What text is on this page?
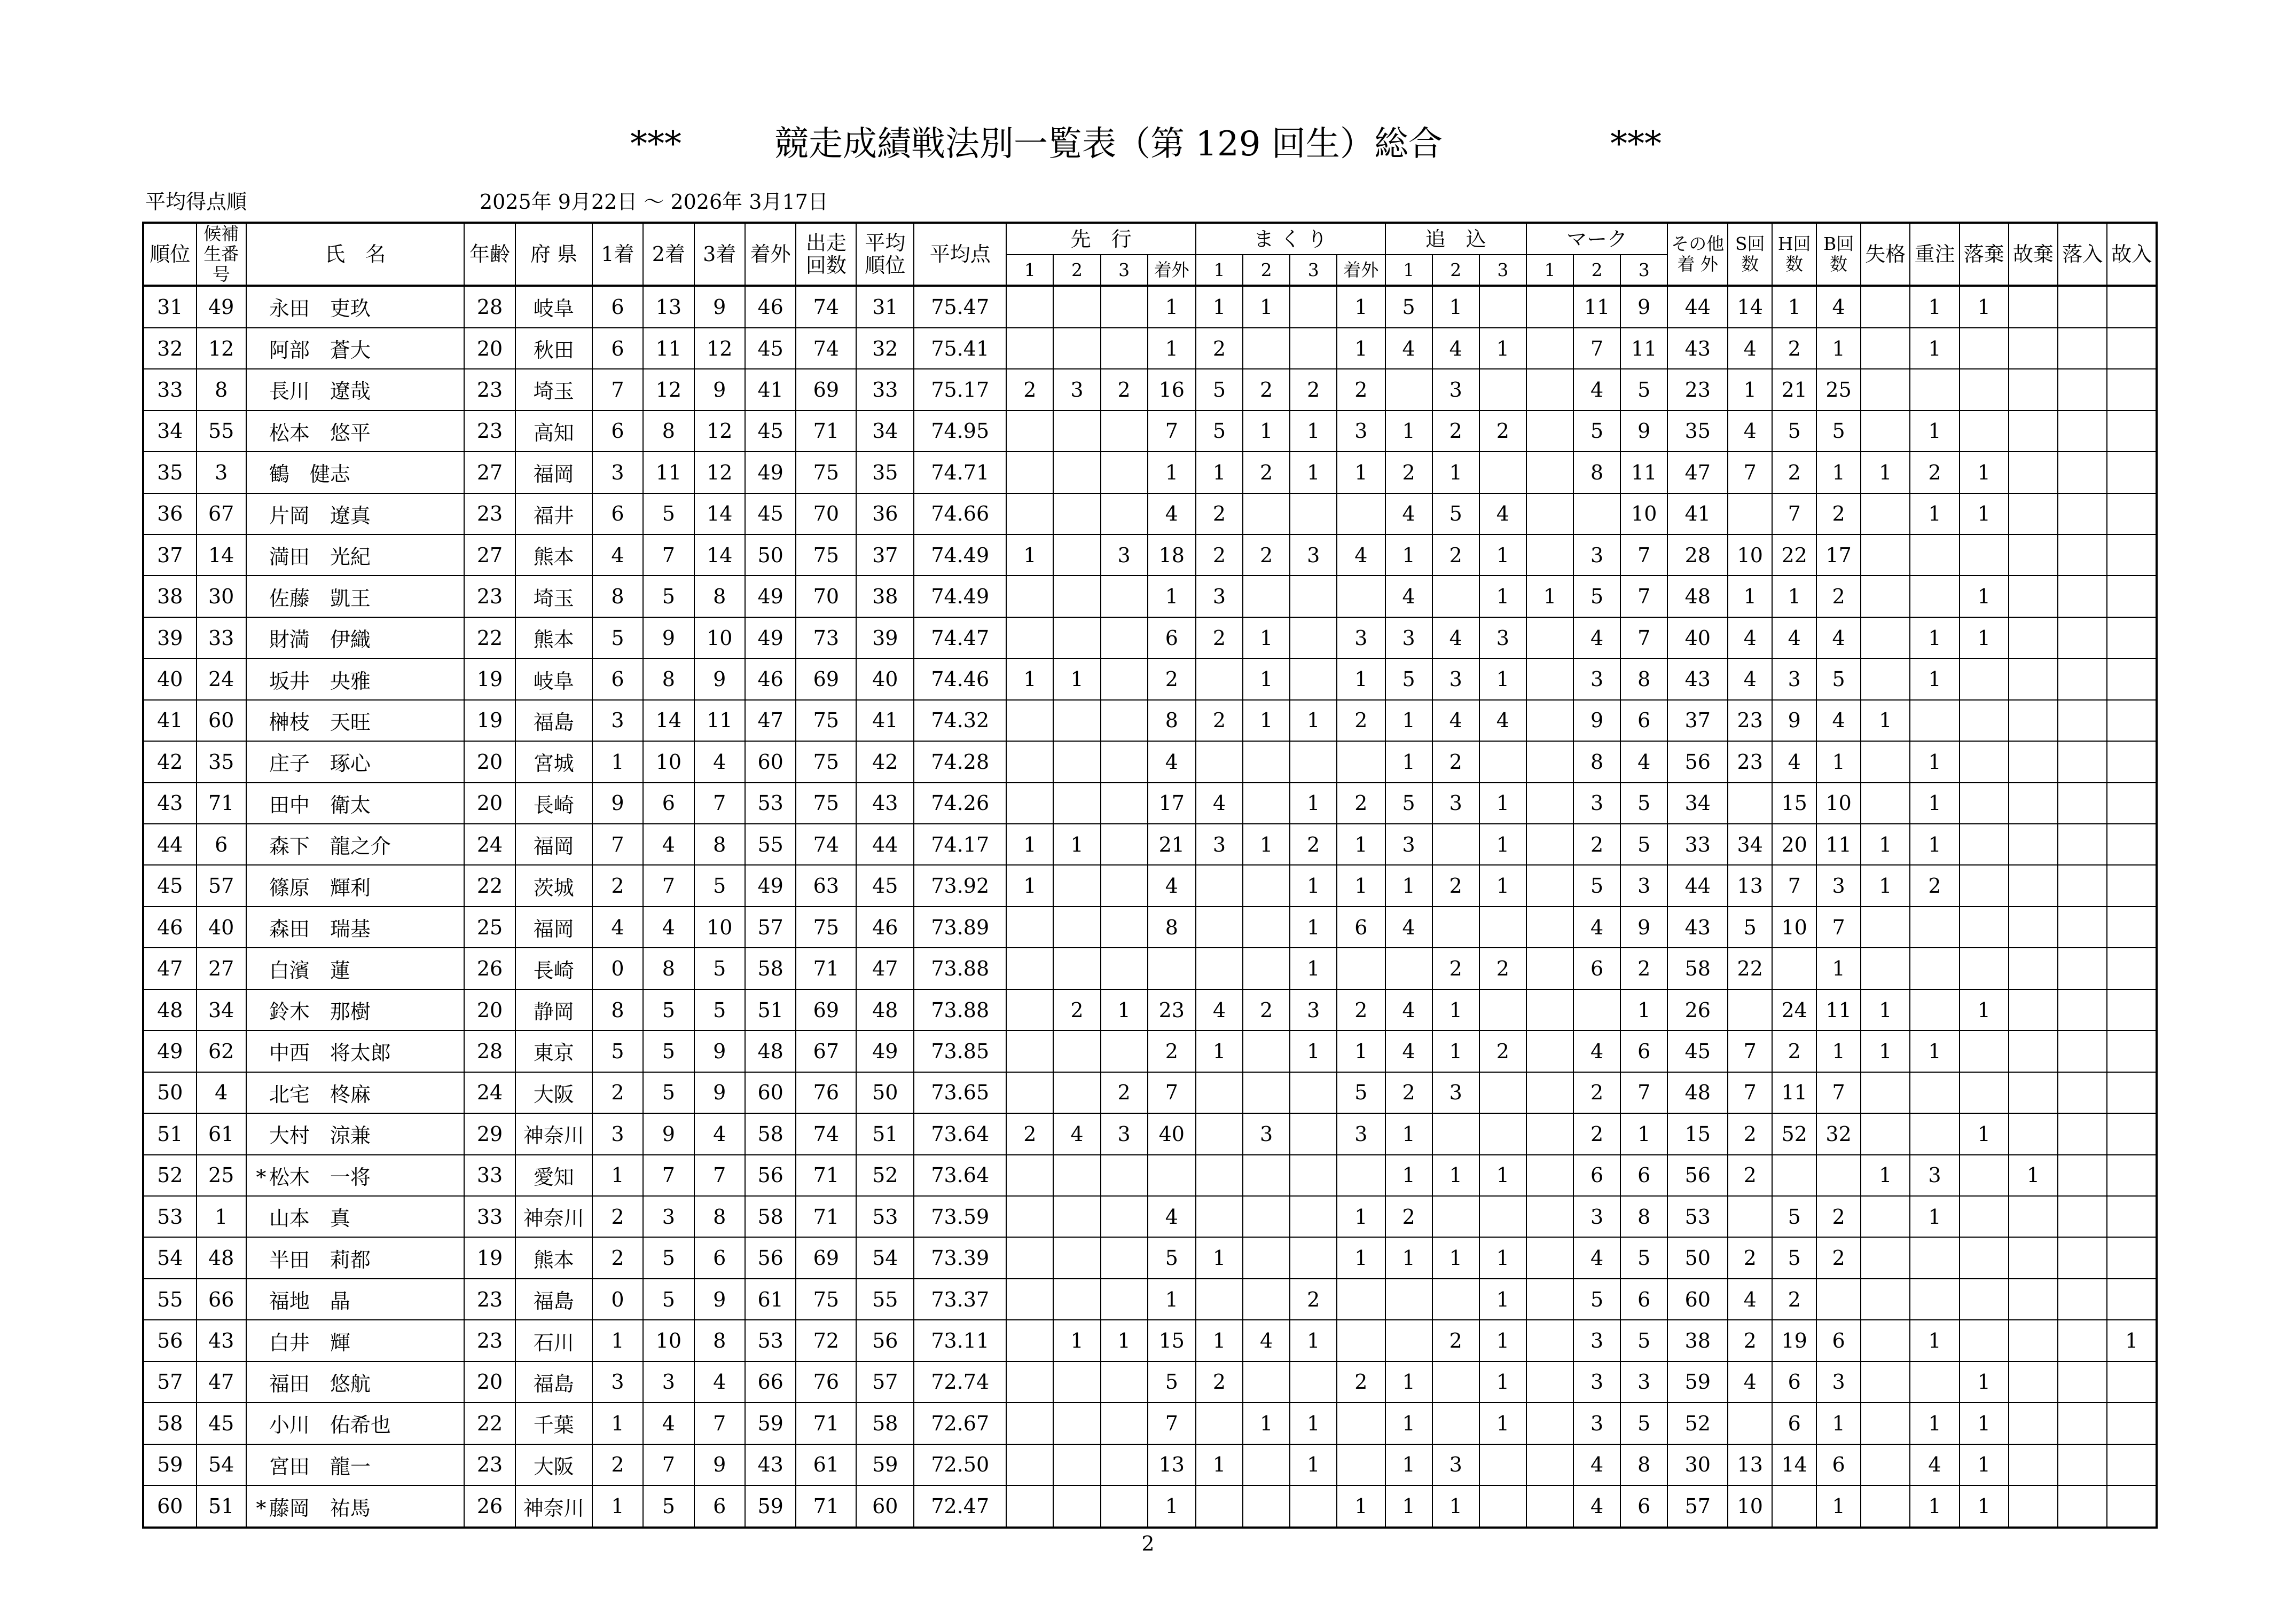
***	競走成績戦法別一覧表（第 129 回生）総合	***
平均得点順	2025年 9月22日 ～ 2026年 3月17日
順位	候補生番号	氏　名	年齢	府 県	1着	2着	3着	着外	出走回数	平均順位	平均点	先　行				ま く り				追　込			マーク			その他着 外	S回数	H回数	B回数	失格	重注	落棄	故棄	落入	故入
												1	2	3	着外	1	2	3	着外	1	2	3	1	2	3										
31	49	永田　吏玖	28	岐阜	6	13	9	46	74	31	75.47				1	1	1		1	5	1			11	9	44	14	1	4		1	1			
32	12	阿部　蒼大	20	秋田	6	11	12	45	74	32	75.41				1	2			1	4	4	1		7	11	43	4	2	1		1				
33	8	長川　遼哉	23	埼玉	7	12	9	41	69	33	75.17	2	3	2	16	5	2	2	2		3			4	5	23	1	21	25						
34	55	松本　悠平	23	高知	6	8	12	45	71	34	74.95				7	5	1	1	3	1	2	2		5	9	35	4	5	5		1				
35	3	鶴　健志	27	福岡	3	11	12	49	75	35	74.71				1	1	2	1	1	2	1			8	11	47	7	2	1	1	2	1			
36	67	片岡　遼真	23	福井	6	5	14	45	70	36	74.66				4	2				4	5	4			10	41		7	2		1	1			
37	14	満田　光紀	27	熊本	4	7	14	50	75	37	74.49	1		3	18	2	2	3	4	1	2	1		3	7	28	10	22	17						
38	30	佐藤　凱王	23	埼玉	8	5	8	49	70	38	74.49				1	3				4		1	1	5	7	48	1	1	2			1			
39	33	財満　伊織	22	熊本	5	9	10	49	73	39	74.47				6	2	1		3	3	4	3		4	7	40	4	4	4		1	1			
40	24	坂井　央雅	19	岐阜	6	8	9	46	69	40	74.46	1	1		2		1		1	5	3	1		3	8	43	4	3	5		1				
41	60	榊枝　天旺	19	福島	3	14	11	47	75	41	74.32				8	2	1	1	2	1	4	4		9	6	37	23	9	4	1					
42	35	庄子　琢心	20	宮城	1	10	4	60	75	42	74.28				4					1	2			8	4	56	23	4	1		1				
43	71	田中　衛太	20	長崎	9	6	7	53	75	43	74.26				17	4		1	2	5	3	1		3	5	34		15	10		1				
44	6	森下　龍之介	24	福岡	7	4	8	55	74	44	74.17	1	1		21	3	1	2	1	3		1		2	5	33	34	20	11	1	1				
45	57	篠原　輝利	22	茨城	2	7	5	49	63	45	73.92	1			4			1	1	1	2	1		5	3	44	13	7	3	1	2				
46	40	森田　瑞基	25	福岡	4	4	10	57	75	46	73.89				8			1	6	4				4	9	43	5	10	7						
47	27	白濱　蓮	26	長崎	0	8	5	58	71	47	73.88							1			2	2		6	2	58	22		1						
48	34	鈴木　那樹	20	静岡	8	5	5	51	69	48	73.88		2	1	23	4	2	3	2	4	1				1	26		24	11	1		1			
49	62	中西　将太郎	28	東京	5	5	9	48	67	49	73.85				2	1		1	1	4	1	2		4	6	45	7	2	1	1	1				
50	4	北宅　柊麻	24	大阪	2	5	9	60	76	50	73.65			2	7				5	2	3			2	7	48	7	11	7						
51	61	大村　涼兼	29	神奈川	3	9	4	58	74	51	73.64	2	4	3	40		3		3	1				2	1	15	2	52	32			1			
52	25	* 松木　一将	33	愛知	1	7	7	56	71	52	73.64									1	1	1		6	6	56	2			1	3		1		
53	1	山本　真	33	神奈川	2	3	8	58	71	53	73.59				4				1	2				3	8	53		5	2		1				
54	48	半田　莉都	19	熊本	2	5	6	56	69	54	73.39				5	1			1	1	1	1		4	5	50	2	5	2						
55	66	福地　晶	23	福島	0	5	9	61	75	55	73.37				1			2				1		5	6	60	4	2							
56	43	白井　輝	23	石川	1	10	8	53	72	56	73.11		1	1	15	1	4	1			2	1		3	5	38	2	19	6		1				1
57	47	福田　悠航	20	福島	3	3	4	66	76	57	72.74				5	2			2	1		1		3	3	59	4	6	3			1			
58	45	小川　佑希也	22	千葉	1	4	7	59	71	58	72.67				7		1	1		1		1		3	5	52		6	1		1	1			
59	54	宮田　龍一	23	大阪	2	7	9	43	61	59	72.50				13	1		1		1	3			4	8	30	13	14	6		4	1			
60	51	* 藤岡　祐馬	26	神奈川	1	5	6	59	71	60	72.47				1				1	1	1			4	6	57	10		1		1	1			
2
